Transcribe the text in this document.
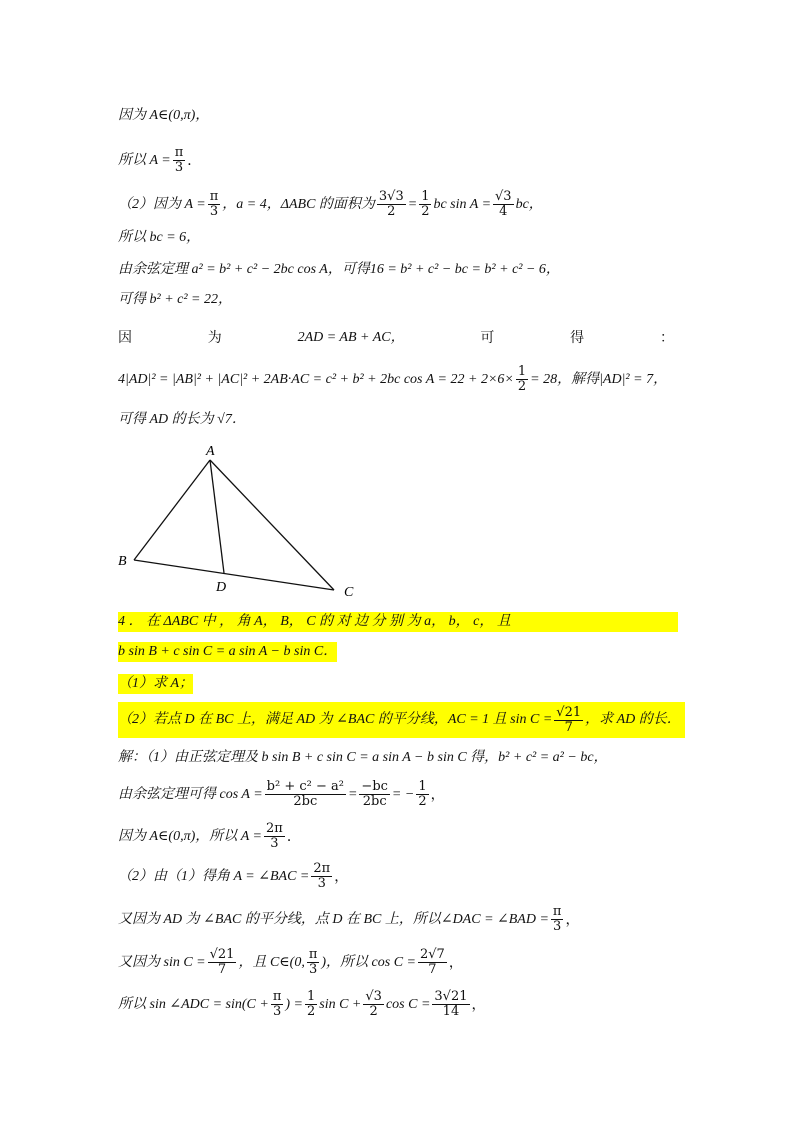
因为 A∈(0,π)，
所以 $A = \frac{\pi}{3}$ ．
（2）因为 $A = \frac{\pi}{3}$ ，a = 4，ΔABC 的面积为 $\frac{3√3}{2} = \frac{1}{2}$ bc $\sin A = \frac{√3}{4}$ bc，
所以 bc = 6，
由余弦定理 a² = b² + c² − 2bc cos A，可得16 = b² + c² − bc = b² + c² − 6，
可得 b² + c² = 22，
因	为	2AD = AB + AC，	可	得	：
4|AD|² = |AB|² + |AC|² + 2AB·AC = c² + b² + 2bc $\cos A = 22 + 2\times 6\times \frac{1}{2} = 28$，解得|AD|² = 7，
可得 AD 的长为 √7．
A
B
C
D
4 ． 在 ΔABC 中 ， 角 A， B， C 的 对 边 分 别 为 a， b， c， 且
b sin B + c sin C = a sin A − b sin C．
（1）求 A；
（2）若点 D 在 BC 上，满足 AD 为 ∠BAC 的平分线，AC = 1 且 $\sin C = \frac{√21}{7}$ ，求 AD 的长．
解：（1）由正弦定理及 b sin B + c sin C = a sin A − b sin C 得，b² + c² = a² − bc，
由余弦定理可得 $\cos A = \frac{\text{b² + c² − a²}}{2bc} = \frac{-bc}{2bc}$ = − $\frac{1}{2}$ ，
因为 A∈(0,π)，所以 $A = \frac{2\pi}{3}$ ．
（2）由（1）得角 A = ∠BAC = $\frac{2\pi}{3}$ ，
又因为 AD 为 ∠BAC 的平分线，点 D 在 BC 上，所以∠DAC = ∠BAD = $\frac{\pi}{3}$ ，
又因为 $\sin C = \frac{√21}{7}$ ，且 C∈(0, $\frac{\pi}{3}$ )，所以 $\cos C = \frac{2√7}{7}$ ，
所以 sin ∠ADC = $\sin(C + \frac{\pi}{3}$ ) = $\frac{1}{2}$ $\sin C + \frac{√3}{2}$ $\cos C = \frac{3√21}{14}$ ，
